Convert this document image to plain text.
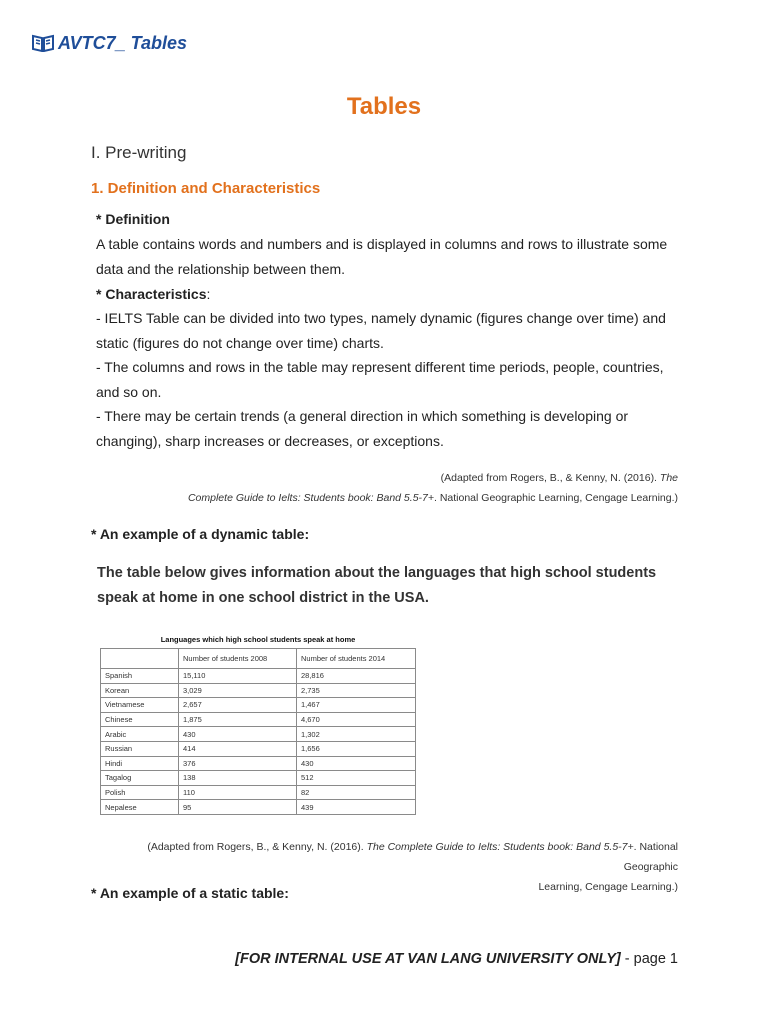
AVTC7_ Tables
Tables
I. Pre-writing
1. Definition and Characteristics
* Definition
A table contains words and numbers and is displayed in columns and rows to illustrate some data and the relationship between them.
* Characteristics:
- IELTS Table can be divided into two types, namely dynamic (figures change over time) and static (figures do not change over time) charts.
- The columns and rows in the table may represent different time periods, people, countries, and so on.
- There may be certain trends (a general direction in which something is developing or changing), sharp increases or decreases, or exceptions.
(Adapted from Rogers, B., & Kenny, N. (2016). The
Complete Guide to Ielts: Students book: Band 5.5-7+. National Geographic Learning, Cengage Learning.)
* An example of a dynamic table:
The table below gives information about the languages that high school students
speak at home in one school district in the USA.
Languages which high school students speak at home
	Number of students 2008	Number of students 2014
Spanish	15,110	28,816
Korean	3,029	2,735
Vietnamese	2,657	1,467
Chinese	1,875	4,670
Arabic	430	1,302
Russian	414	1,656
Hindi	376	430
Tagalog	138	512
Polish	110	82
Nepalese	95	439
(Adapted from Rogers, B., & Kenny, N. (2016). The Complete Guide to Ielts: Students book: Band 5.5-7+. National Geographic
Learning, Cengage Learning.)
* An example of a static table:
[FOR INTERNAL USE AT VAN LANG UNIVERSITY ONLY] - page 1
